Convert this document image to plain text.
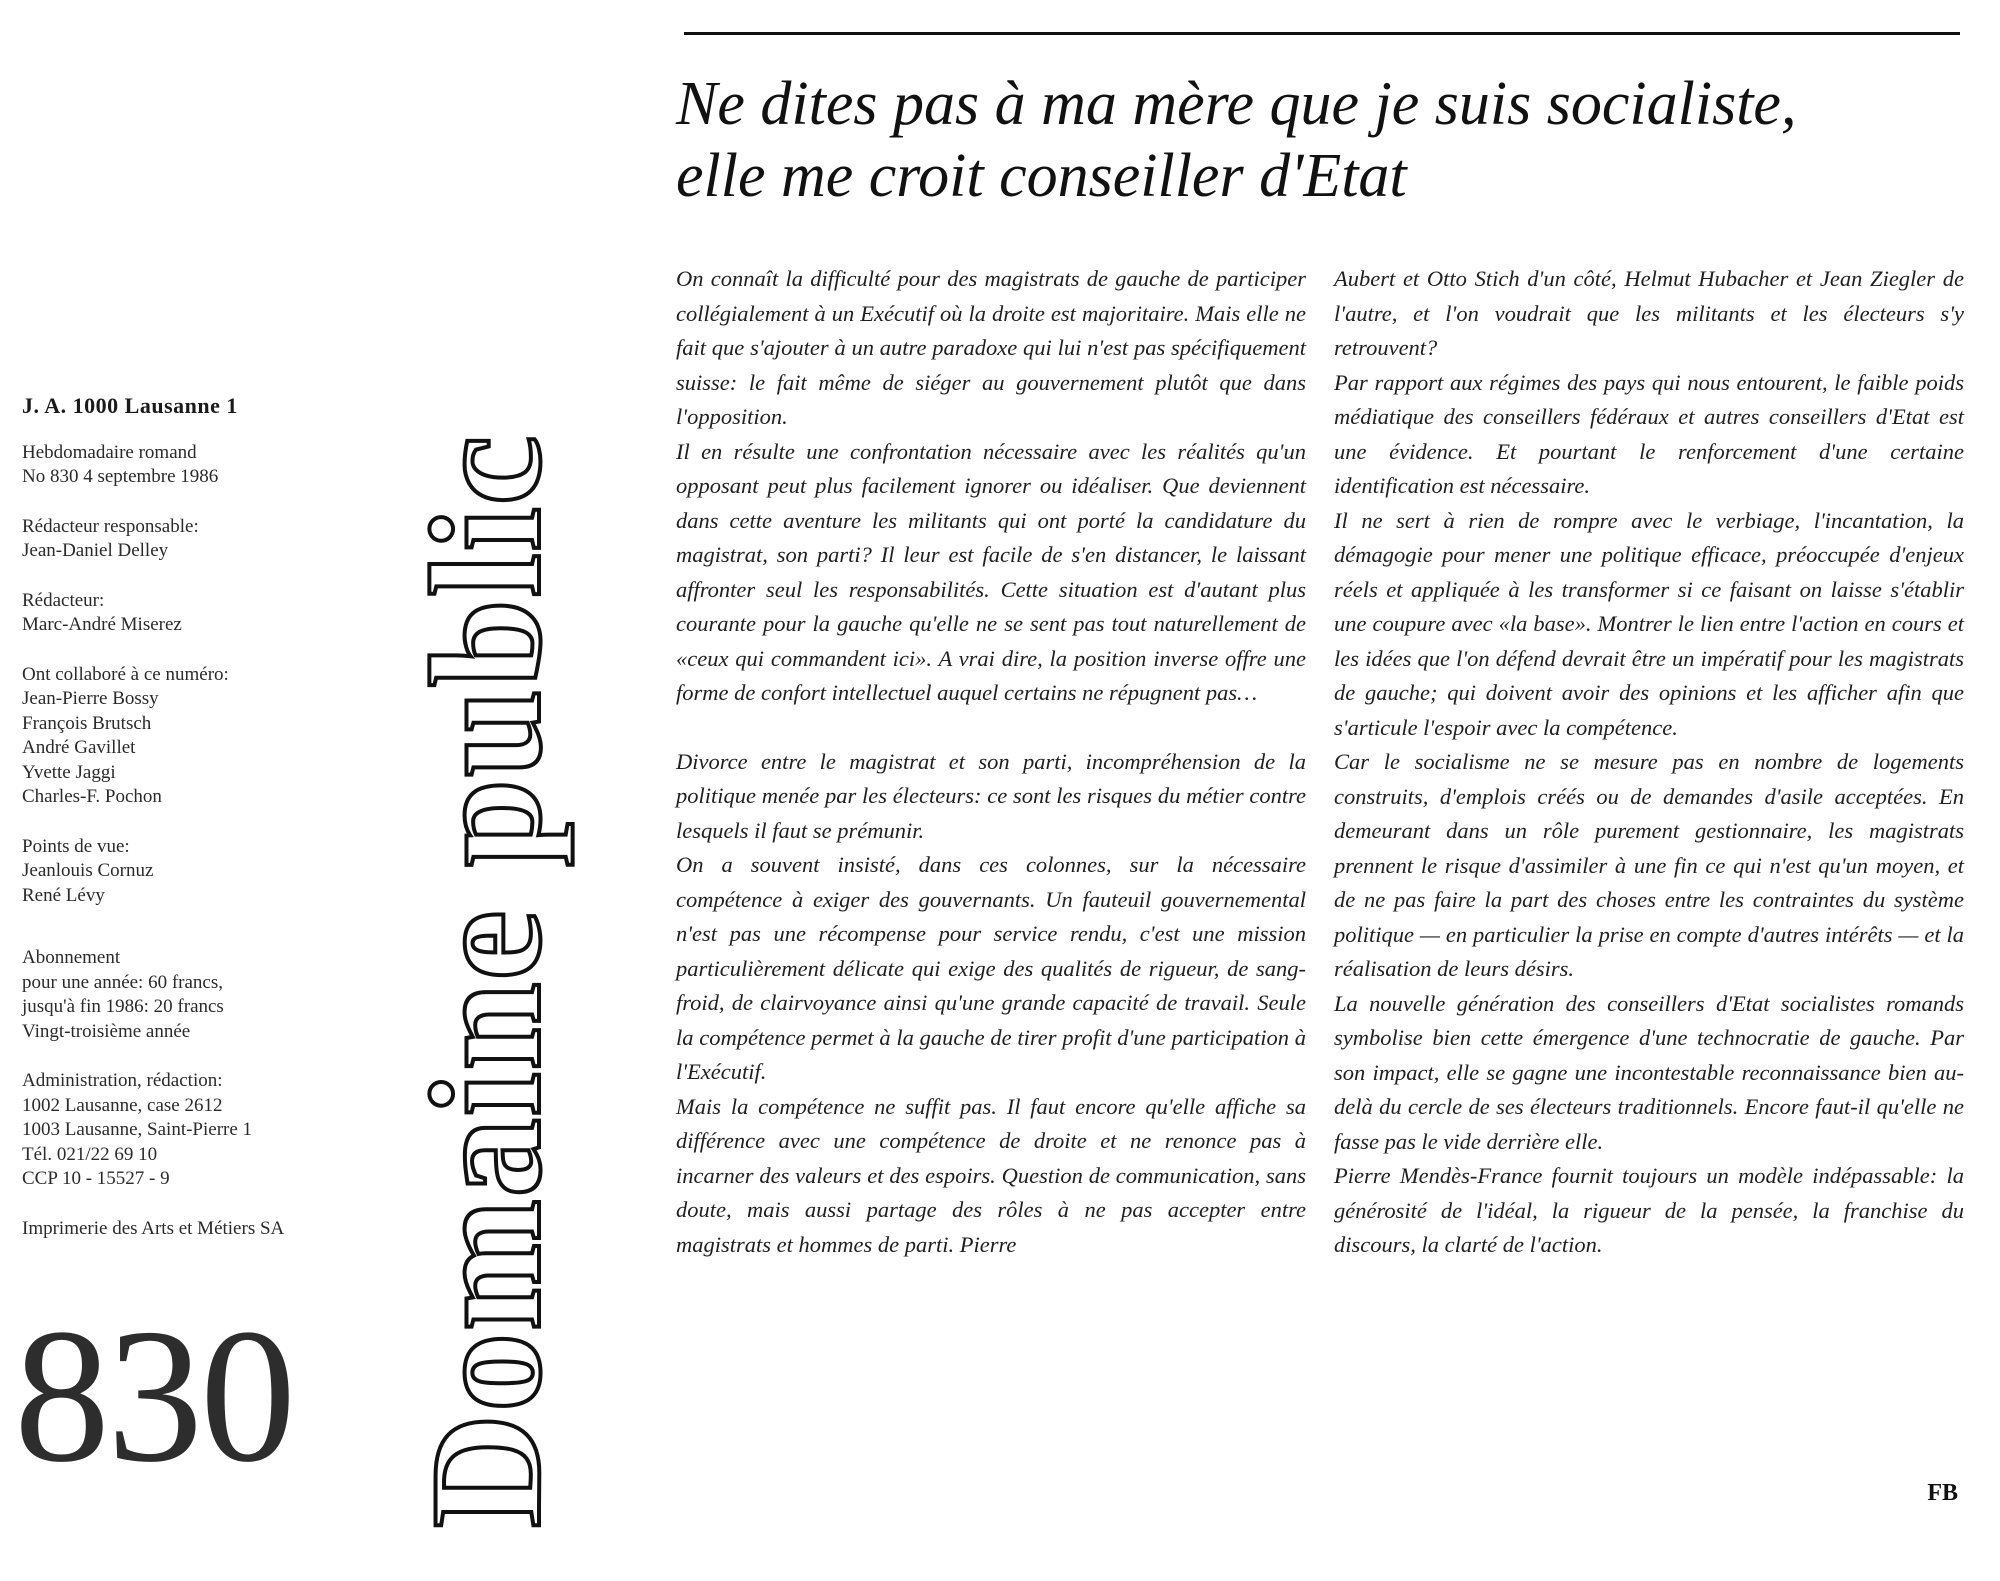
J. A. 1000 Lausanne 1
Hebdomadaire romand
No 830 4 septembre 1986
Rédacteur responsable:
Jean-Daniel Delley
Rédacteur:
Marc-André Miserez
Ont collaboré à ce numéro:
Jean-Pierre Bossy
François Brutsch
André Gavillet
Yvette Jaggi
Charles-F. Pochon
Points de vue:
Jeanlouis Cornuz
René Lévy
Abonnement
pour une année: 60 francs,
jusqu'à fin 1986: 20 francs
Vingt-troisième année
Administration, rédaction:
1002 Lausanne, case 2612
1003 Lausanne, Saint-Pierre 1
Tél. 021/22 69 10
CCP 10 - 15527 - 9
Imprimerie des Arts et Métiers SA
830 Domaine public
Ne dites pas à ma mère que je suis socialiste,
elle me croit conseiller d'Etat

On connaît la difficulté pour des magistrats de gauche de participer collégialement à un Exécutif où la droite est majoritaire. Mais elle ne fait que s'ajouter à un autre paradoxe qui lui n'est pas spécifiquement suisse: le fait même de siéger au gouvernement plutôt que dans l'opposition.

Il en résulte une confrontation nécessaire avec les réalités qu'un opposant peut plus facilement ignorer ou idéaliser. Que deviennent dans cette aventure les militants qui ont porté la candidature du magistrat, son parti? Il leur est facile de s'en distancer, le laissant affronter seul les responsabilités. Cette situation est d'autant plus courante pour la gauche qu'elle ne se sent pas tout naturellement de «ceux qui commandent ici». A vrai dire, la position inverse offre une forme de confort intellectuel auquel certains ne répugnent pas…

Divorce entre le magistrat et son parti, incompréhension de la politique menée par les électeurs: ce sont les risques du métier contre lesquels il faut se prémunir.

On a souvent insisté, dans ces colonnes, sur la nécessaire compétence à exiger des gouvernants. Un fauteuil gouvernemental n'est pas une récompense pour service rendu, c'est une mission particulièrement délicate qui exige des qualités de rigueur, de sang-froid, de clairvoyance ainsi qu'une grande capacité de travail. Seule la compétence permet à la gauche de tirer profit d'une participation à l'Exécutif.

Mais la compétence ne suffit pas. Il faut encore qu'elle affiche sa différence avec une compétence de droite et ne renonce pas à incarner des valeurs et des espoirs. Question de communication, sans doute, mais aussi partage des rôles à ne pas accepter entre magistrats et hommes de parti. Pierre

Aubert et Otto Stich d'un côté, Helmut Hubacher et Jean Ziegler de l'autre, et l'on voudrait que les militants et les électeurs s'y retrouvent?

Par rapport aux régimes des pays qui nous entourent, le faible poids médiatique des conseillers fédéraux et autres conseillers d'Etat est une évidence. Et pourtant le renforcement d'une certaine identification est nécessaire.

Il ne sert à rien de rompre avec le verbiage, l'incantation, la démagogie pour mener une politique efficace, préoccupée d'enjeux réels et appliquée à les transformer si ce faisant on laisse s'établir une coupure avec «la base». Montrer le lien entre l'action en cours et les idées que l'on défend devrait être un impératif pour les magistrats de gauche; qui doivent avoir des opinions et les afficher afin que s'articule l'espoir avec la compétence.

Car le socialisme ne se mesure pas en nombre de logements construits, d'emplois créés ou de demandes d'asile acceptées. En demeurant dans un rôle purement gestionnaire, les magistrats prennent le risque d'assimiler à une fin ce qui n'est qu'un moyen, et de ne pas faire la part des choses entre les contraintes du système politique — en particulier la prise en compte d'autres intérêts — et la réalisation de leurs désirs.

La nouvelle génération des conseillers d'Etat socialistes romands symbolise bien cette émergence d'une technocratie de gauche. Par son impact, elle se gagne une incontestable reconnaissance bien au-delà du cercle de ses électeurs traditionnels. Encore faut-il qu'elle ne fasse pas le vide derrière elle.

Pierre Mendès-France fournit toujours un modèle indépassable: la générosité de l'idéal, la rigueur de la pensée, la franchise du discours, la clarté de l'action.

FB
